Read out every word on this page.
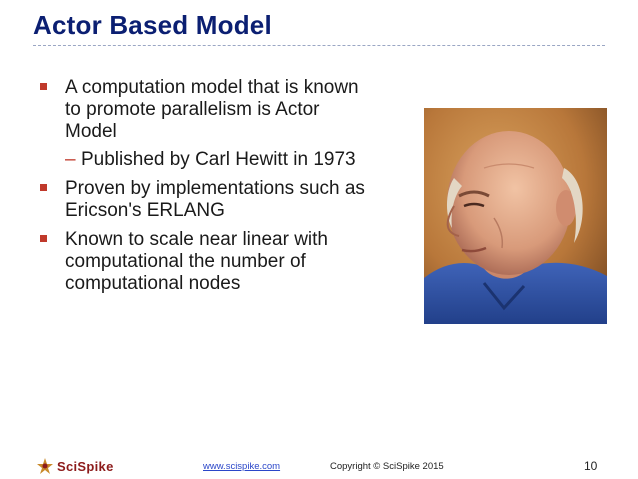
Actor Based Model
A computation model that is known to promote parallelism is Actor Model
– Published by Carl Hewitt in 1973
Proven by implementations such as Ericson's ERLANG
Known to scale near linear with computational the number of computational nodes
SciSpike	www.scispike.com	Copyright © SciSpike 2015	10
